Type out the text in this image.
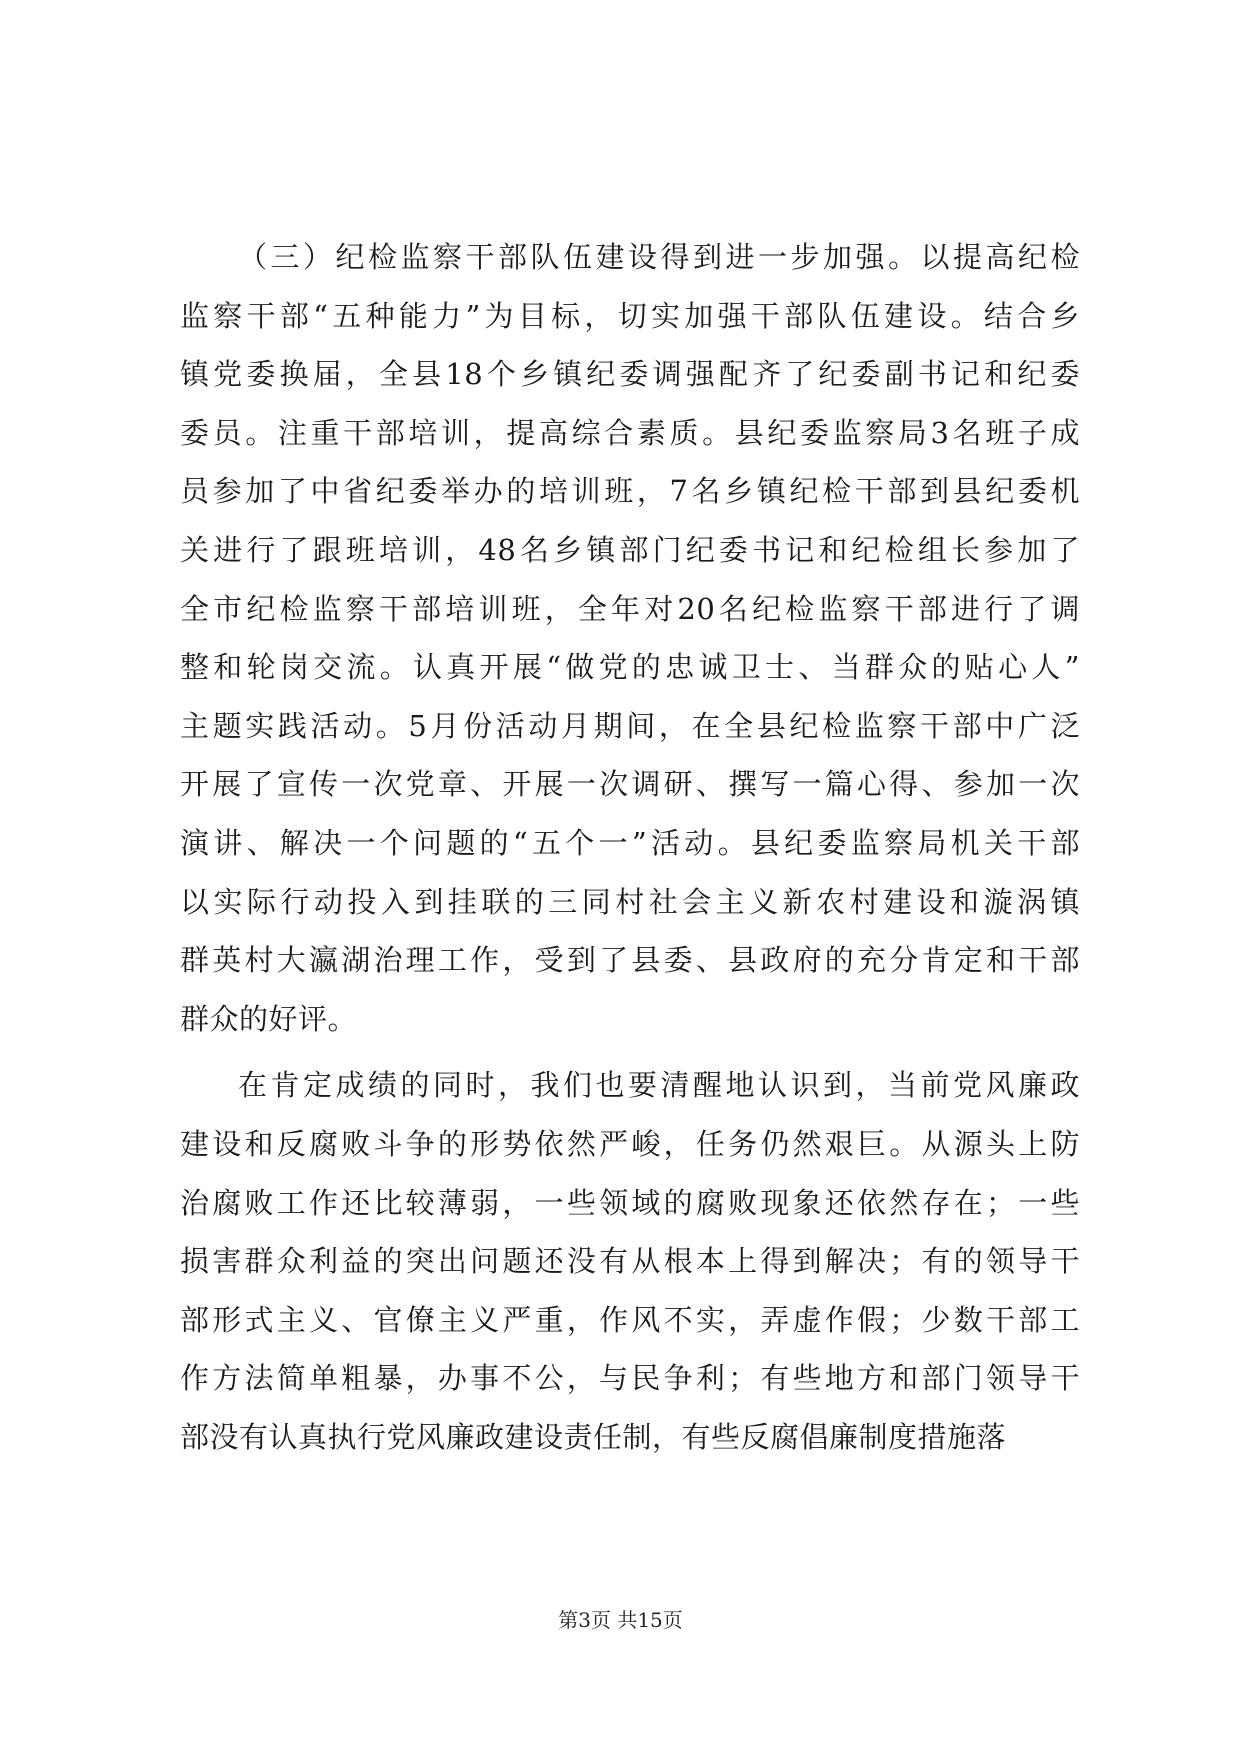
（三）纪检监察干部队伍建设得到进一步加强。以提高纪检
监察干部“五种能力”为目标，切实加强干部队伍建设。结合乡
镇党委换届，全县18个乡镇纪委调强配齐了纪委副书记和纪委
委员。注重干部培训，提高综合素质。县纪委监察局3名班子成
员参加了中省纪委举办的培训班，7名乡镇纪检干部到县纪委机
关进行了跟班培训，48名乡镇部门纪委书记和纪检组长参加了
全市纪检监察干部培训班，全年对20名纪检监察干部进行了调
整和轮岗交流。认真开展“做党的忠诚卫士、当群众的贴心人”
主题实践活动。5月份活动月期间，在全县纪检监察干部中广泛
开展了宣传一次党章、开展一次调研、撰写一篇心得、参加一次
演讲、解决一个问题的“五个一”活动。县纪委监察局机关干部
以实际行动投入到挂联的三同村社会主义新农村建设和漩涡镇
群英村大瀛湖治理工作，受到了县委、县政府的充分肯定和干部
群众的好评。

在肯定成绩的同时，我们也要清醒地认识到，当前党风廉政
建设和反腐败斗争的形势依然严峻，任务仍然艰巨。从源头上防
治腐败工作还比较薄弱，一些领域的腐败现象还依然存在；一些
损害群众利益的突出问题还没有从根本上得到解决；有的领导干
部形式主义、官僚主义严重，作风不实，弄虚作假；少数干部工
作方法简单粗暴，办事不公，与民争利；有些地方和部门领导干
部没有认真执行党风廉政建设责任制，有些反腐倡廉制度措施落

第3页 共15页
